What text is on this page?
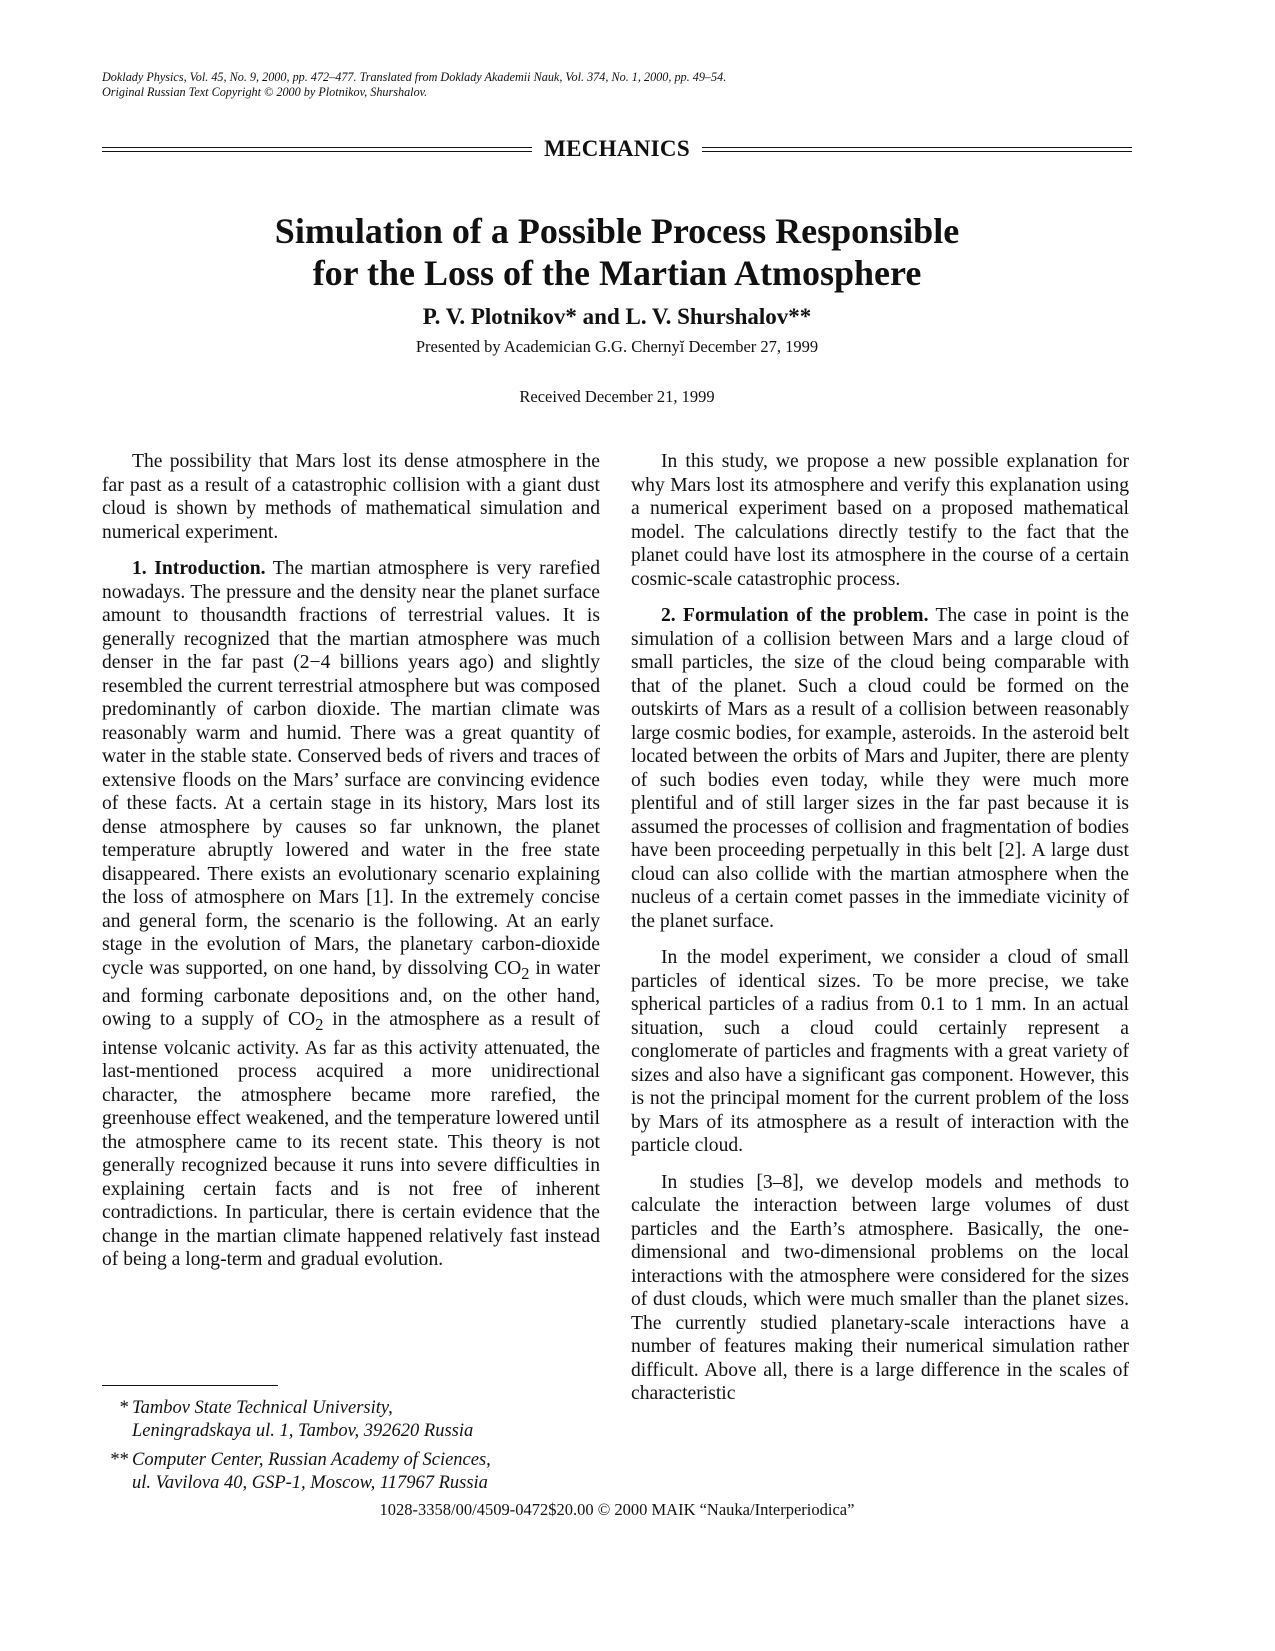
Doklady Physics, Vol. 45, No. 9, 2000, pp. 472–477. Translated from Doklady Akademii Nauk, Vol. 374, No. 1, 2000, pp. 49–54.
Original Russian Text Copyright © 2000 by Plotnikov, Shurshalov.
MECHANICS
Simulation of a Possible Process Responsible
for the Loss of the Martian Atmosphere
P. V. Plotnikov* and L. V. Shurshalov**
Presented by Academician G.G. Chernyĭ December 27, 1999
Received December 21, 1999

The possibility that Mars lost its dense atmosphere in the far past as a result of a catastrophic collision with a giant dust cloud is shown by methods of mathematical simulation and numerical experiment.

1. Introduction. The martian atmosphere is very rarefied nowadays. The pressure and the density near the planet surface amount to thousandth fractions of terrestrial values. It is generally recognized that the martian atmosphere was much denser in the far past (2−4 billions years ago) and slightly resembled the current terrestrial atmosphere but was composed predominantly of carbon dioxide. The martian climate was reasonably warm and humid. There was a great quantity of water in the stable state. Conserved beds of rivers and traces of extensive floods on the Mars’ surface are convincing evidence of these facts. At a certain stage in its history, Mars lost its dense atmosphere by causes so far unknown, the planet temperature abruptly lowered and water in the free state disappeared. There exists an evolutionary scenario explaining the loss of atmosphere on Mars [1]. In the extremely concise and general form, the scenario is the following. At an early stage in the evolution of Mars, the planetary carbon-dioxide cycle was supported, on one hand, by dissolving $CO_2$ in water and forming carbonate depositions and, on the other hand, owing to a supply of $CO_2$ in the atmosphere as a result of intense volcanic activity. As far as this activity attenuated, the last-mentioned process acquired a more unidirectional character, the atmosphere became more rarefied, the greenhouse effect weakened, and the temperature lowered until the atmosphere came to its recent state. This theory is not generally recognized because it runs into severe difficulties in explaining certain facts and is not free of inherent contradictions. In particular, there is certain evidence that the change in the martian climate happened relatively fast instead of being a long-term and gradual evolution.

* Tambov State Technical University,
Leningradskaya ul. 1, Tambov, 392620 Russia
** Computer Center, Russian Academy of Sciences,
ul. Vavilova 40, GSP-1, Moscow, 117967 Russia

In this study, we propose a new possible explanation for why Mars lost its atmosphere and verify this explanation using a numerical experiment based on a proposed mathematical model. The calculations directly testify to the fact that the planet could have lost its atmosphere in the course of a certain cosmic-scale catastrophic process.

2. Formulation of the problem. The case in point is the simulation of a collision between Mars and a large cloud of small particles, the size of the cloud being comparable with that of the planet. Such a cloud could be formed on the outskirts of Mars as a result of a collision between reasonably large cosmic bodies, for example, asteroids. In the asteroid belt located between the orbits of Mars and Jupiter, there are plenty of such bodies even today, while they were much more plentiful and of still larger sizes in the far past because it is assumed the processes of collision and fragmentation of bodies have been proceeding perpetually in this belt [2]. A large dust cloud can also collide with the martian atmosphere when the nucleus of a certain comet passes in the immediate vicinity of the planet surface.

In the model experiment, we consider a cloud of small particles of identical sizes. To be more precise, we take spherical particles of a radius from 0.1 to 1 mm. In an actual situation, such a cloud could certainly represent a conglomerate of particles and fragments with a great variety of sizes and also have a significant gas component. However, this is not the principal moment for the current problem of the loss by Mars of its atmosphere as a result of interaction with the particle cloud.

In studies [3–8], we develop models and methods to calculate the interaction between large volumes of dust particles and the Earth’s atmosphere. Basically, the one-dimensional and two-dimensional problems on the local interactions with the atmosphere were considered for the sizes of dust clouds, which were much smaller than the planet sizes. The currently studied planetary-scale interactions have a number of features making their numerical simulation rather difficult. Above all, there is a large difference in the scales of characteristic

1028-3358/00/4509-0472$20.00 © 2000 MAIK “Nauka/Interperiodica”
